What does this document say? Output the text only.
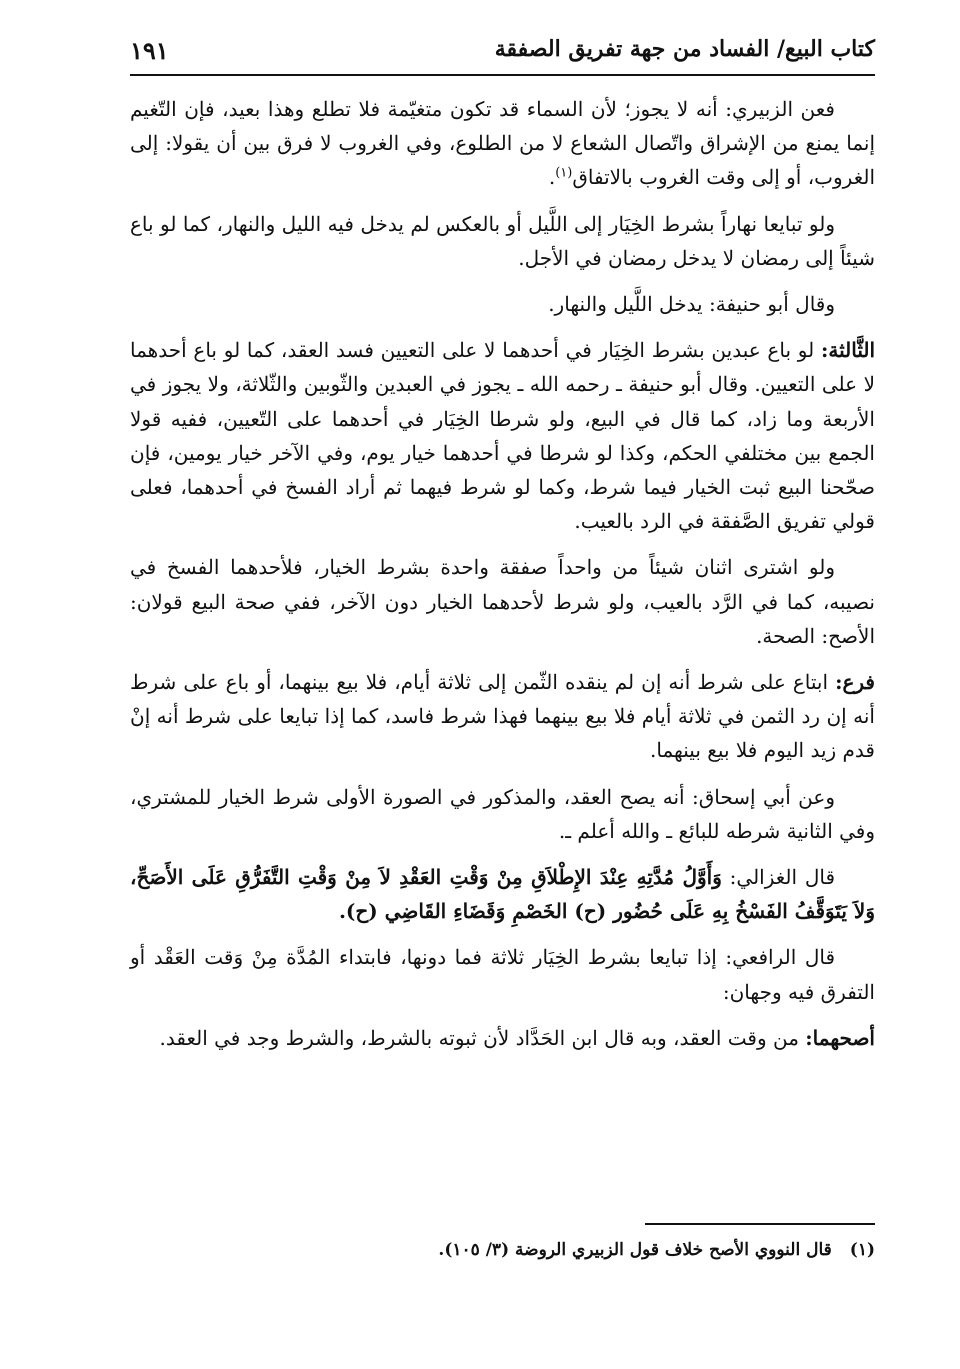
كتاب البيع/ الفساد من جهة تفريق الصفقة
١٩١

فعن الزبيري: أنه لا يجوز؛ لأن السماء قد تكون متغيّمة فلا تطلع وهذا بعيد، فإن التّغيم إنما يمنع من الإشراق واتّصال الشعاع لا من الطلوع، وفي الغروب لا فرق بين أن يقولا: إلى الغروب، أو إلى وقت الغروب بالاتفاق$^{(١)}$.

ولو تبايعا نهاراً بشرط الخِيَار إلى اللَّيل أو بالعكس لم يدخل فيه الليل والنهار، كما لو باع شيئاً إلى رمضان لا يدخل رمضان في الأجل.

وقال أبو حنيفة: يدخل اللَّيل والنهار.

الثَّالثة: لو باع عبدين بشرط الخِيَار في أحدهما لا على التعيين فسد العقد، كما لو باع أحدهما لا على التعيين. وقال أبو حنيفة ـ رحمه الله ـ يجوز في العبدين والثّوبين والثّلاثة، ولا يجوز في الأربعة وما زاد، كما قال في البيع، ولو شرطا الخِيَار في أحدهما على التّعيين، ففيه قولا الجمع بين مختلفي الحكم، وكذا لو شرطا في أحدهما خيار يوم، وفي الآخر خيار يومين، فإن صحّحنا البيع ثبت الخيار فيما شرط، وكما لو شرط فيهما ثم أراد الفسخ في أحدهما، فعلى قولي تفريق الصَّفقة في الرد بالعيب.

ولو اشترى اثنان شيئاً من واحداً صفقة واحدة بشرط الخيار، فلأحدهما الفسخ في نصيبه، كما في الرَّد بالعيب، ولو شرط لأحدهما الخيار دون الآخر، ففي صحة البيع قولان: الأصح: الصحة.

فرع: ابتاع على شرط أنه إن لم ينقده الثّمن إلى ثلاثة أيام، فلا بيع بينهما، أو باع على شرط أنه إن رد الثمن في ثلاثة أيام فلا بيع بينهما فهذا شرط فاسد، كما إذا تبايعا على شرط أنه إنْ قدم زيد اليوم فلا بيع بينهما.

وعن أبي إسحاق: أنه يصح العقد، والمذكور في الصورة الأولى شرط الخيار للمشتري، وفي الثانية شرطه للبائع ـ والله أعلم ـ.

قال الغزالي: وَأَوَّلُ مُدَّتِهِ عِنْدَ الإِطْلاَقِ مِنْ وَقْتِ العَقْدِ لاَ مِنْ وَقْتِ التَّفَرُّقِ عَلَى الأَصَحِّ، وَلاَ يَتَوَقَّفُ الفَسْخُ بِهِ عَلَى حُضُور (ح) الخَصْمِ وَقَضَاءِ القَاضِي (ح).

قال الرافعي: إذا تبايعا بشرط الخِيَار ثلاثة فما دونها، فابتداء المُدَّة مِنْ وَقت العَقْد أو التفرق فيه وجهان:

أصحهما: من وقت العقد، وبه قال ابن الحَدَّاد لأن ثبوته بالشرط، والشرط وجد في العقد.

(١)قال النووي الأصح خلاف قول الزبيري الروضة (٣/ ١٠٥).
